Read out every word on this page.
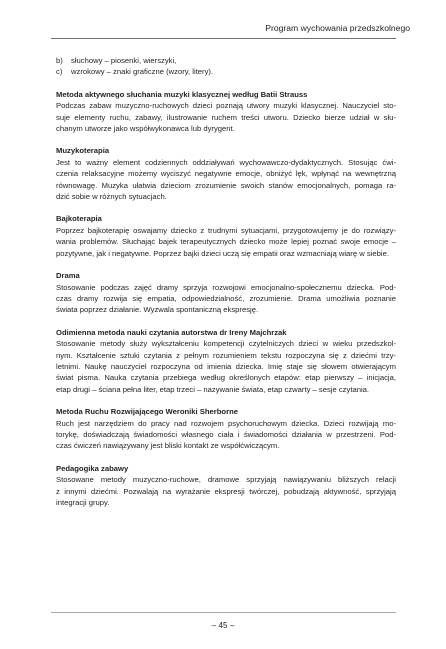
Program wychowania przedszkolnego
b)	słuchowy – piosenki, wierszyki,
c)	wzrokowy – znaki graficzne (wzory, litery).
Metoda aktywnego słuchania muzyki klasycznej według Batii Strauss
Podczas zabaw muzyczno-ruchowych dzieci poznają utwory muzyki klasycznej. Nauczyciel sto-
suje elementy ruchu, zabawy, ilustrowanie ruchem treści utworu. Dziecko bierze udział w słu-
chanym utworze jako współwykonawca lub dyrygent.
Muzykoterapia
Jest to ważny element codziennych oddziaływań wychowawczo-dydaktycznych. Stosując ćwi-
czenia relaksacyjne możemy wyciszyć negatywne emocje, obniżyć lęk, wpłynąć na wewnętrzną
równowagę. Muzyka ułatwia dzieciom zrozumienie swoich stanów emocjonalnych, pomaga ra-
dzić sobie w różnych sytuacjach.
Bajkoterapia
Poprzez bajkoterapię oswajamy dziecko z trudnymi sytuacjami, przygotowujemy je do rozwiązy-
wania problemów. Słuchając bajek terapeutycznych dziecko może lepiej poznać swoje emocje –
pozytywne, jak i negatywne. Poprzez bajki dzieci uczą się empatii oraz wzmacniają wiarę w siebie.
Drama
Stosowanie podczas zajęć dramy sprzyja rozwojowi emocjonalno-społecznemu dziecka. Pod-
czas dramy rozwija się empatia, odpowiedzialność, zrozumienie. Drama umożliwia poznanie
świata poprzez działanie. Wyzwala spontaniczną ekspresję.
Odimienna metoda nauki czytania autorstwa dr Ireny Majchrzak
Stosowanie metody służy wykształceniu kompetencji czytelniczych dzieci w wieku przedszkol-
nym. Kształcenie sztuki czytania z pełnym rozumieniem tekstu rozpoczyna się z dziećmi trzy-
letnimi. Naukę nauczyciel rozpoczyna od imienia dziecka. Imię staje się słowem otwierającym
świat pisma. Nauka czytania przebiega według określonych etapów: etap pierwszy – inicjacja,
etap drugi – ściana pełna liter, etap trzeci – nazywanie świata, etap czwarty – sesje czytania.
Metoda Ruchu Rozwijającego Weroniki Sherborne
Ruch jest narzędziem do pracy nad rozwojem psychoruchowym dziecka. Dzieci rozwijają mo-
torykę, doświadczają świadomości własnego ciała i świadomości działania w przestrzeni. Pod-
czas ćwiczeń nawiązywany jest bliski kontakt ze współćwiczącym.
Pedagogika zabawy
Stosowane metody muzyczno-ruchowe, dramowe sprzyjają nawiązywaniu bliższych relacji
z innymi dziećmi. Pozwalają na wyrażanie ekspresji twórczej, pobudzają aktywność, sprzyjają
integracji grupy.
– 45 –
